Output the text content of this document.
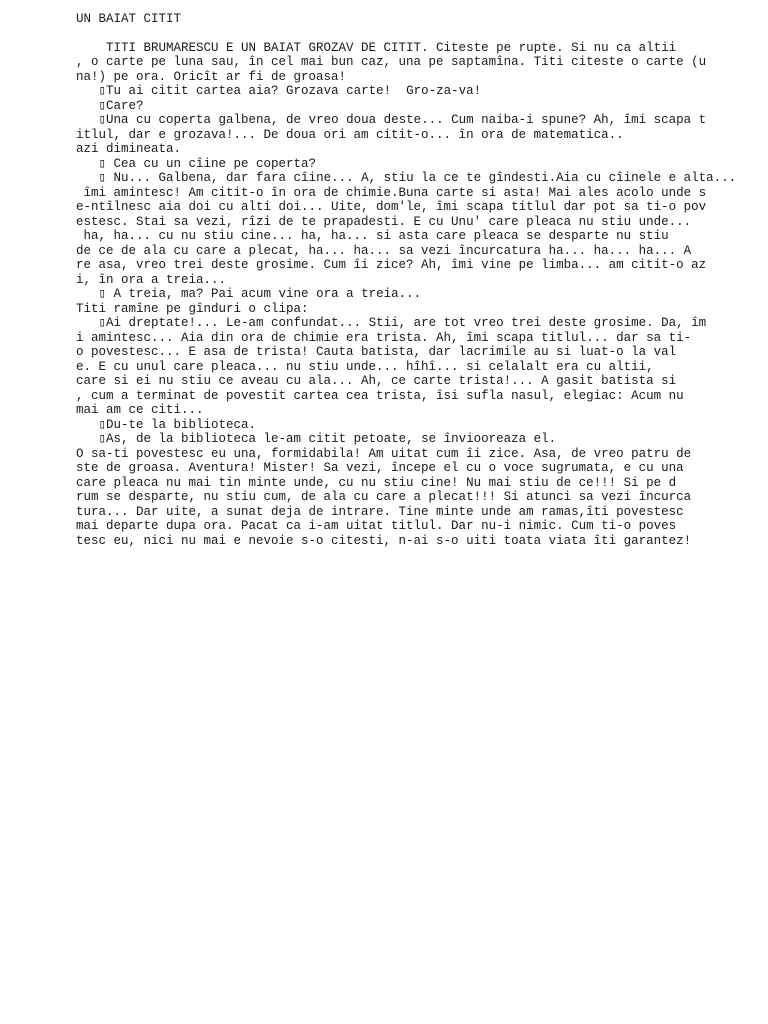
UN BAIAT CITIT
TITI BRUMARESCU E UN BAIAT GROZAV DE CITIT. Citeste pe rupte. Si nu ca altii
, o carte pe luna sau, în cel mai bun caz, una pe saptamîna. Titi citeste o carte (u
na!) pe ora. Oricît ar fi de groasa!
▯Tu ai citit cartea aia? Grozava carte!  Gro-za-va!
▯Care?
▯Una cu coperta galbena, de vreo doua deste... Cum naiba-i spune? Ah, îmi scapa t
itlul, dar e grozava!... De doua ori am citit-o... în ora de matematica..
azi dimineata.
▯ Cea cu un cîine pe coperta?
▯ Nu... Galbena, dar fara cîine... A, stiu la ce te gîndesti.Aia cu cîinele e alta...
îmi amintesc! Am citit-o în ora de chimie.Buna carte si asta! Mai ales acolo unde s
e-ntîlnesc aia doi cu alti doi... Uite, dom'le, îmi scapa titlul dar pot sa ti-o pov
estesc. Stai sa vezi, rîzi de te prapadesti. E cu Unu' care pleaca nu stiu unde...
ha, ha... cu nu stiu cine... ha, ha... si asta care pleaca se desparte nu stiu
de ce de ala cu care a plecat, ha... ha... sa vezi încurcatura ha... ha... ha... A
re asa, vreo trei deste grosime. Cum îi zice? Ah, îmi vine pe limba... am citit-o az
i, în ora a treia...
▯ A treia, ma? Pai acum vine ora a treia...
Titi ramîne pe gînduri o clipa:
▯Ai dreptate!... Le-am confundat... Stii, are tot vreo trei deste grosime. Da, îm
i amintesc... Aia din ora de chimie era trista. Ah, îmi scapa titlul... dar sa ti-
o povestesc... E asa de trista! Cauta batista, dar lacrimile au si luat-o la val
e. E cu unul care pleaca... nu stiu unde... hîhî... si celalalt era cu altii,
care si ei nu stiu ce aveau cu ala... Ah, ce carte trista!... A gasit batista si
, cum a terminat de povestit cartea cea trista, îsi sufla nasul, elegiac: Acum nu
mai am ce citi...
▯Du-te la biblioteca.
▯As, de la biblioteca le-am citit petoate, se înviooreaza el.
O sa-ti povestesc eu una, formidabila! Am uitat cum îi zice. Asa, de vreo patru de
ste de groasa. Aventura! Mister! Sa vezi, începe el cu o voce sugrumata, e cu una
care pleaca nu mai tin minte unde, cu nu stiu cine! Nu mai stiu de ce!!! Si pe d
rum se desparte, nu stiu cum, de ala cu care a plecat!!! Si atunci sa vezi încurca
tura... Dar uite, a sunat deja de intrare. Tine minte unde am ramas,îti povestesc
mai departe dupa ora. Pacat ca i-am uitat titlul. Dar nu-i nimic. Cum ti-o poves
tesc eu, nici nu mai e nevoie s-o citesti, n-ai s-o uiti toata viata îti garantez!
